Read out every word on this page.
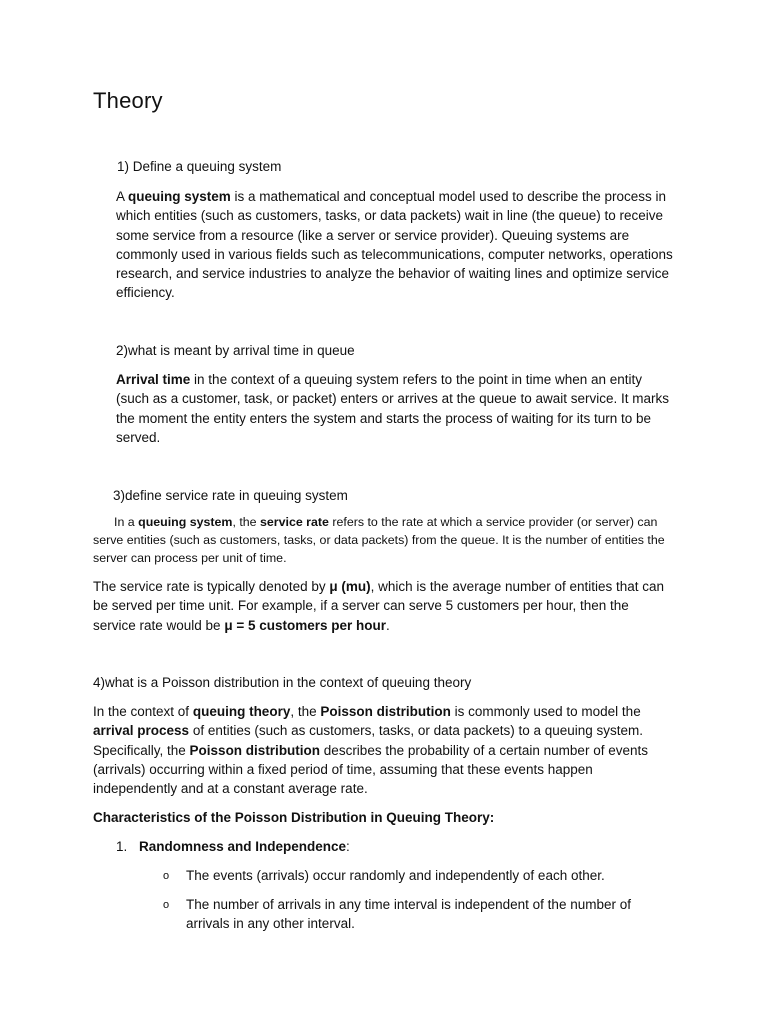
Theory
1) Define a queuing system
A queuing system is a mathematical and conceptual model used to describe the process in which entities (such as customers, tasks, or data packets) wait in line (the queue) to receive some service from a resource (like a server or service provider). Queuing systems are commonly used in various fields such as telecommunications, computer networks, operations research, and service industries to analyze the behavior of waiting lines and optimize service efficiency.
2)what is meant by arrival time in queue
Arrival time in the context of a queuing system refers to the point in time when an entity (such as a customer, task, or packet) enters or arrives at the queue to await service. It marks the moment the entity enters the system and starts the process of waiting for its turn to be served.
3)define service rate in queuing system
In a queuing system, the service rate refers to the rate at which a service provider (or server) can serve entities (such as customers, tasks, or data packets) from the queue. It is the number of entities the server can process per unit of time.
The service rate is typically denoted by μ (mu), which is the average number of entities that can be served per time unit. For example, if a server can serve 5 customers per hour, then the service rate would be μ = 5 customers per hour.
4)what is a Poisson distribution in the context of queuing theory
In the context of queuing theory, the Poisson distribution is commonly used to model the arrival process of entities (such as customers, tasks, or data packets) to a queuing system. Specifically, the Poisson distribution describes the probability of a certain number of events (arrivals) occurring within a fixed period of time, assuming that these events happen independently and at a constant average rate.
Characteristics of the Poisson Distribution in Queuing Theory:
1. Randomness and Independence:
o The events (arrivals) occur randomly and independently of each other.
o The number of arrivals in any time interval is independent of the number of arrivals in any other interval.
